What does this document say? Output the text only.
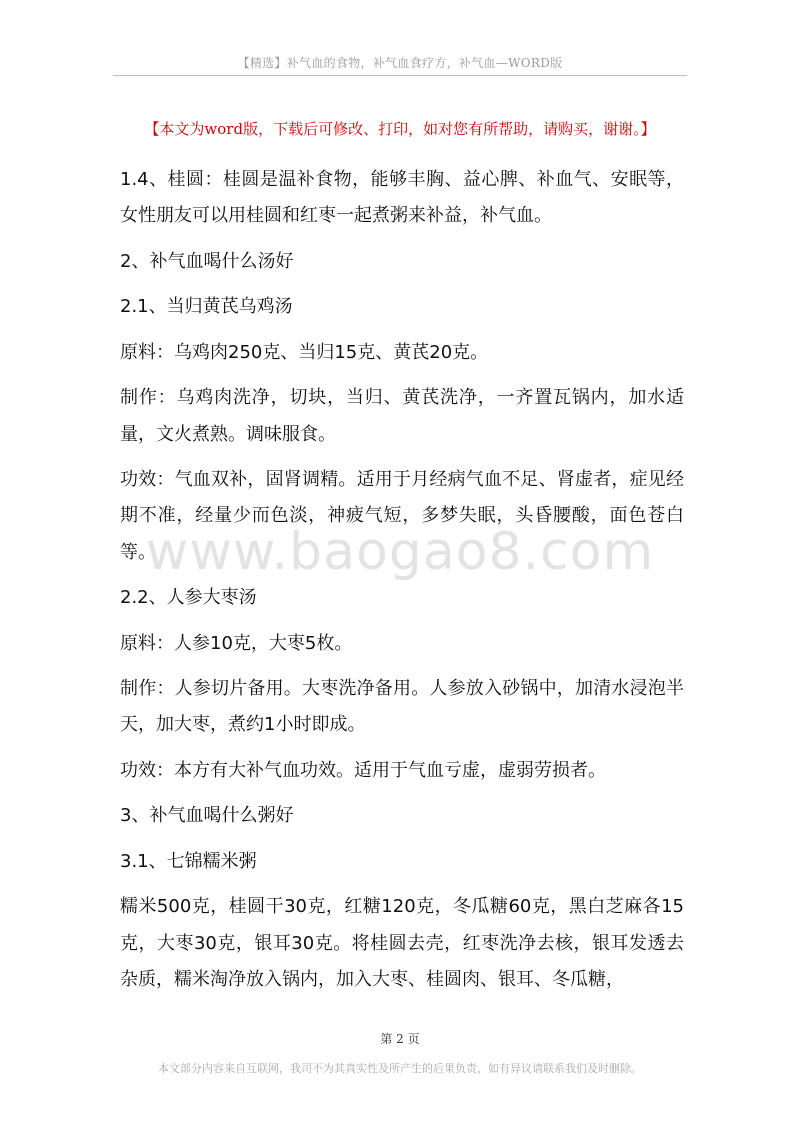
【精选】补气血的食物，补气血食疗方，补气血—WORD版
【本文为word版，下载后可修改、打印，如对您有所帮助，请购买，谢谢。】
www.baogao8.com

1.4、桂圆：桂圆是温补食物，能够丰胸、益心脾、补血气、安眠等，女性朋友可以用桂圆和红枣一起煮粥来补益，补气血。

2、补气血喝什么汤好

2.1、当归黄芪乌鸡汤

原料：乌鸡肉250克、当归15克、黄芪20克。

制作：乌鸡肉洗净，切块，当归、黄芪洗净，一齐置瓦锅内，加水适量，文火煮熟。调味服食。

功效：气血双补，固肾调精。适用于月经病气血不足、肾虚者，症见经期不准，经量少而色淡，神疲气短，多梦失眠，头昏腰酸，面色苍白等。

2.2、人参大枣汤

原料：人参10克，大枣5枚。

制作：人参切片备用。大枣洗净备用。人参放入砂锅中，加清水浸泡半天，加大枣，煮约1小时即成。

功效：本方有大补气血功效。适用于气血亏虚，虚弱劳损者。

3、补气血喝什么粥好

3.1、七锦糯米粥

糯米500克，桂圆干30克，红糖120克，冬瓜糖60克，黑白芝麻各15克，大枣30克，银耳30克。将桂圆去壳，红枣洗净去核，银耳发透去杂质，糯米淘净放入锅内，加入大枣、桂圆肉、银耳、冬瓜糖，

第 2 页
本文部分内容来自互联网，我司不为其真实性及所产生的后果负责，如有异议请联系我们及时删除。
